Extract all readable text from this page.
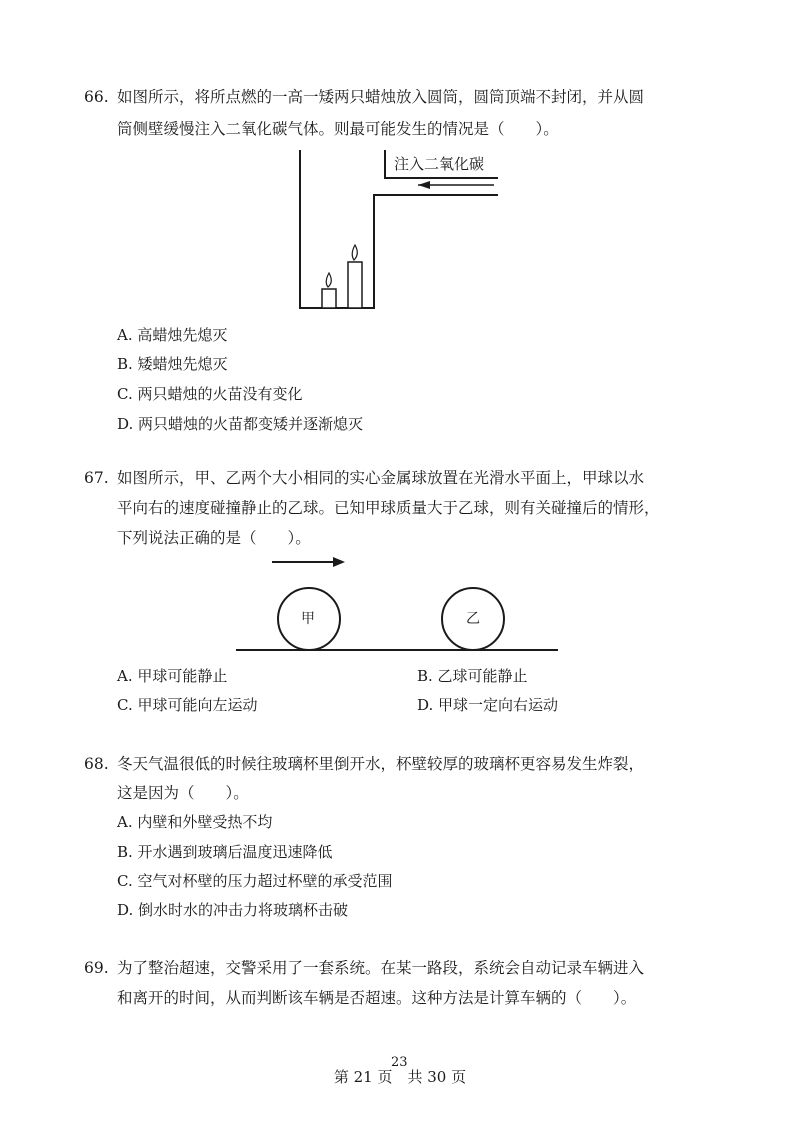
66. 如图所示，将所点燃的一高一矮两只蜡烛放入圆筒，圆筒顶端不封闭，并从圆
筒侧壁缓慢注入二氧化碳气体。则最可能发生的情况是（　　）。
注入二氧化碳
A. 高蜡烛先熄灭
B. 矮蜡烛先熄灭
C. 两只蜡烛的火苗没有变化
D. 两只蜡烛的火苗都变矮并逐渐熄灭
67. 如图所示，甲、乙两个大小相同的实心金属球放置在光滑水平面上，甲球以水
平向右的速度碰撞静止的乙球。已知甲球质量大于乙球，则有关碰撞后的情形，
下列说法正确的是（　　）。
甲	乙
A. 甲球可能静止	B. 乙球可能静止
C. 甲球可能向左运动	D. 甲球一定向右运动
68. 冬天气温很低的时候往玻璃杯里倒开水，杯壁较厚的玻璃杯更容易发生炸裂，
这是因为（　　）。
A. 内壁和外壁受热不均
B. 开水遇到玻璃后温度迅速降低
C. 空气对杯壁的压力超过杯壁的承受范围
D. 倒水时水的冲击力将玻璃杯击破
69. 为了整治超速，交警采用了一套系统。在某一路段，系统会自动记录车辆进入
和离开的时间，从而判断该车辆是否超速。这种方法是计算车辆的（　　）。
第 21 页　共 30 页
23
